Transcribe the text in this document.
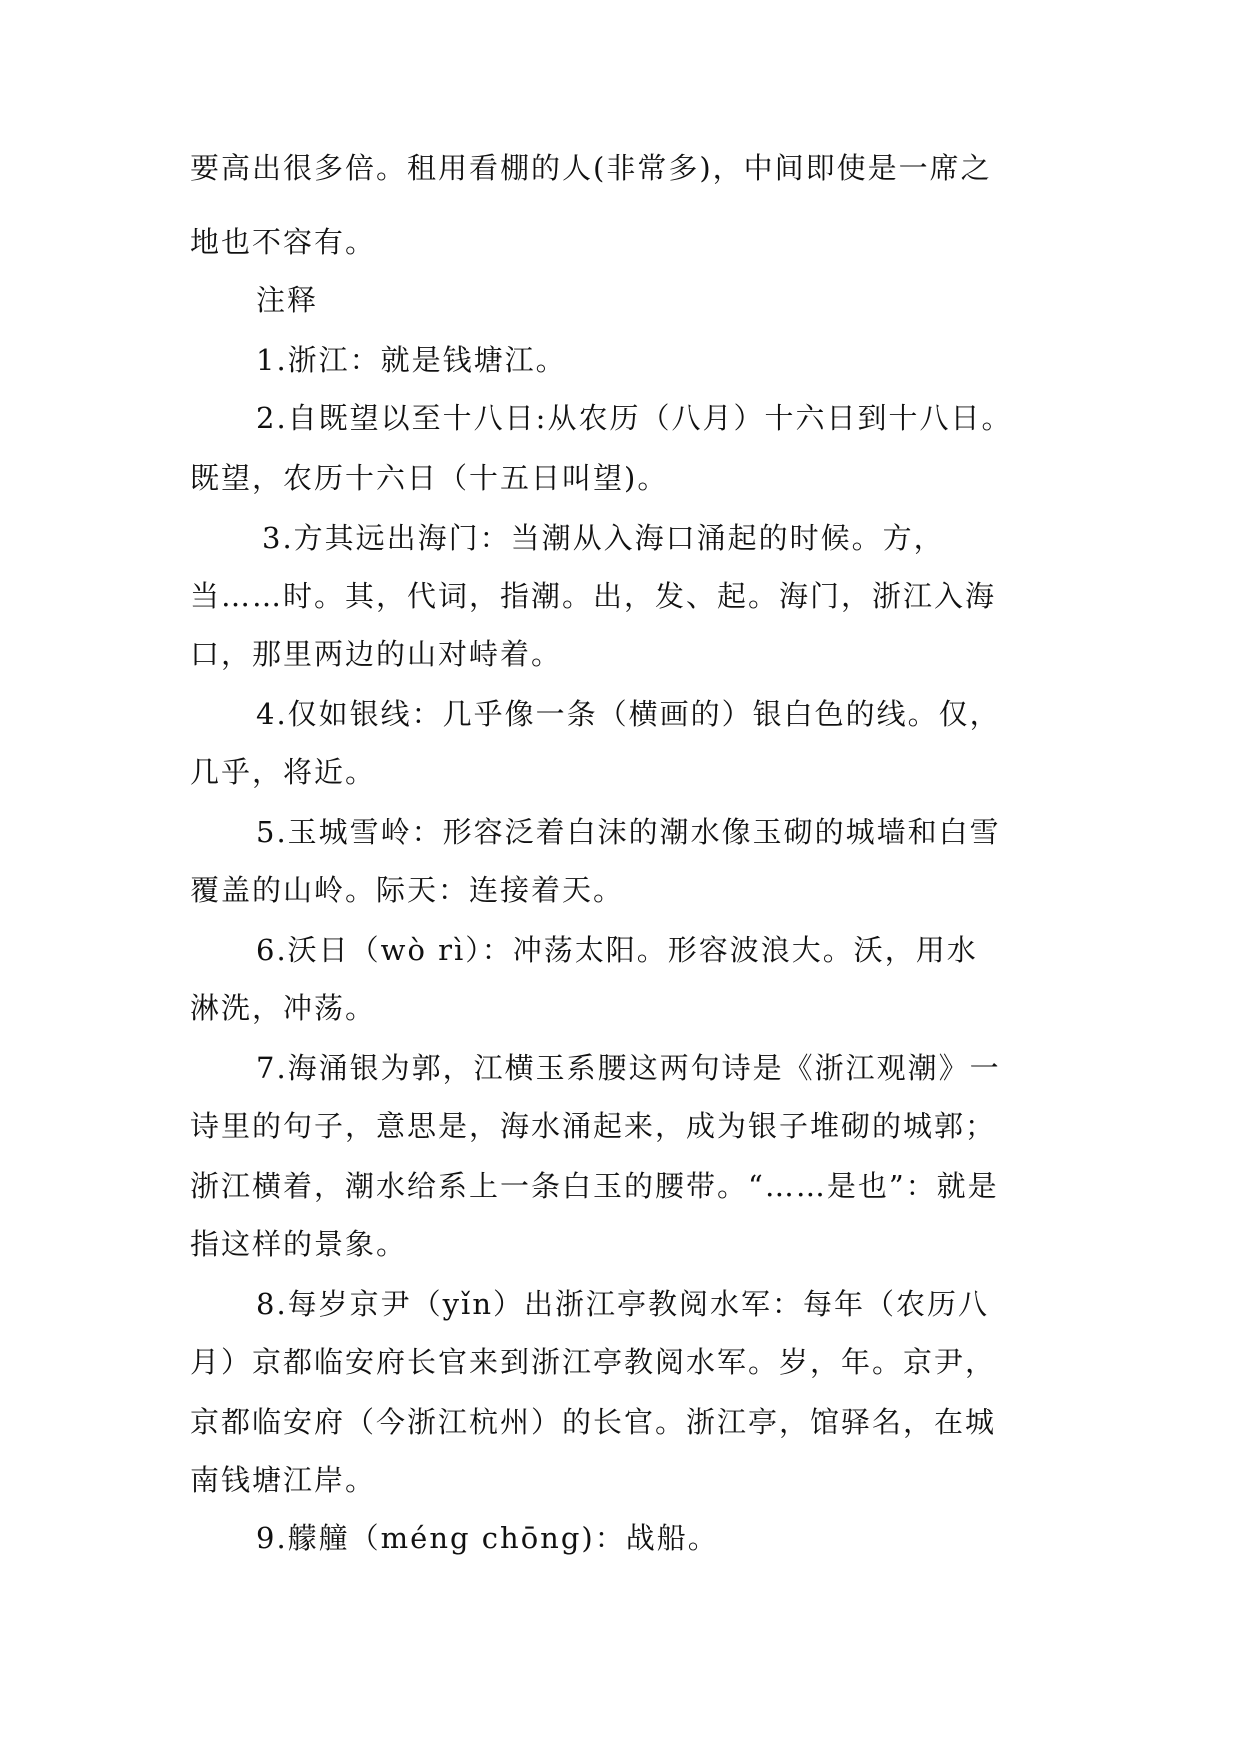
要高出很多倍。租用看棚的人(非常多)，中间即使是一席之
地也不容有。
注释
1.浙江：就是钱塘江。
2.自既望以至十八日:从农历（八月）十六日到十八日。
既望，农历十六日（十五日叫望)。
3.方其远出海门：当潮从入海口涌起的时候。方，
当……时。其，代词，指潮。出，发、起。海门，浙江入海
口，那里两边的山对峙着。
4.仅如银线：几乎像一条（横画的）银白色的线。仅，
几乎，将近。
5.玉城雪岭：形容泛着白沫的潮水像玉砌的城墙和白雪
覆盖的山岭。际天：连接着天。
6.沃日（wò rì）：冲荡太阳。形容波浪大。沃，用水
淋洗，冲荡。
7.海涌银为郭，江横玉系腰这两句诗是《浙江观潮》一
诗里的句子，意思是，海水涌起来，成为银子堆砌的城郭；
浙江横着，潮水给系上一条白玉的腰带。“……是也”：就是
指这样的景象。
8.每岁京尹（yǐn）出浙江亭教阅水军：每年（农历八
月）京都临安府长官来到浙江亭教阅水军。岁，年。京尹，
京都临安府（今浙江杭州）的长官。浙江亭，馆驿名，在城
南钱塘江岸。
9.艨艟（méng chōng)：战船。
